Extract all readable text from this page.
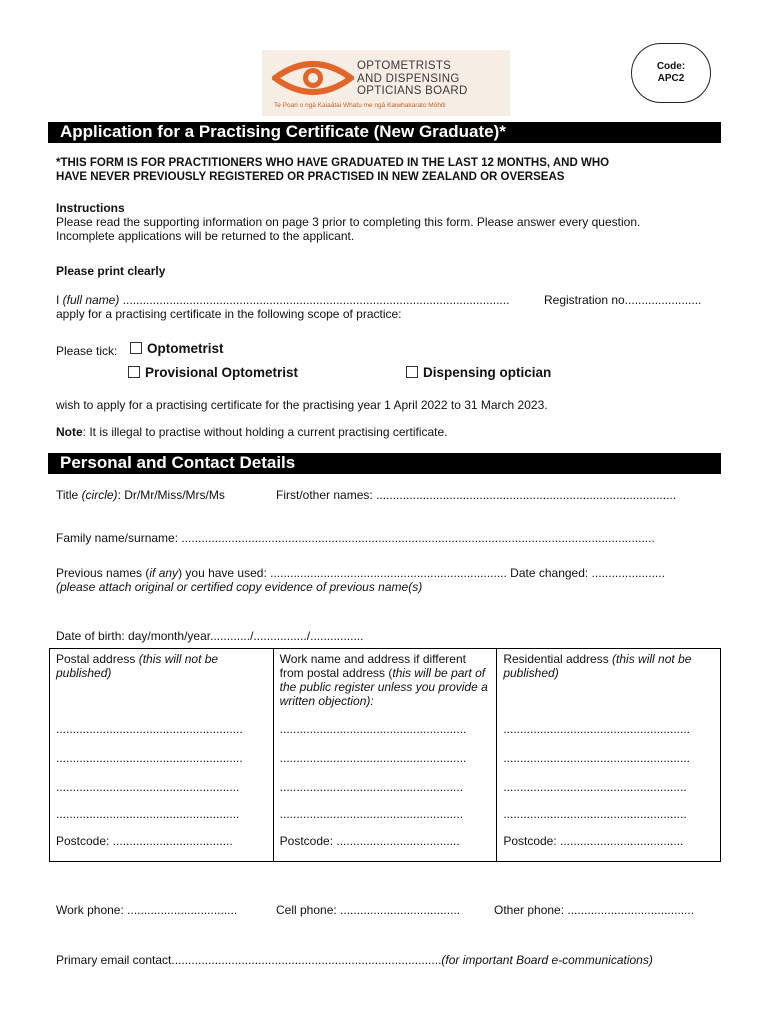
OPTOMETRISTS
AND DISPENSING
OPTICIANS BOARD
Te Poari o ngā Kaiaātai Whatu me ngā Kaiwhakarato Mōhiti
Code:
APC2
Application for a Practising Certificate (New Graduate)*
*THIS FORM IS FOR PRACTITIONERS WHO HAVE GRADUATED IN THE LAST 12 MONTHS, AND WHO
HAVE NEVER PREVIOUSLY REGISTERED OR PRACTISED IN NEW ZEALAND OR OVERSEAS
Instructions
Please read the supporting information on page 3 prior to completing this form. Please answer every question.
Incomplete applications will be returned to the applicant.
Please print clearly
I (full name) ....................................................................................................................	Registration no.......................
apply for a practising certificate in the following scope of practice:
Please tick:	Optometrist
Provisional Optometrist	Dispensing optician
wish to apply for a practising certificate for the practising year 1 April 2022 to 31 March 2023.
Note: It is illegal to practise without holding a current practising certificate.
Personal and Contact Details
Title (circle): Dr/Mr/Miss/Mrs/Ms	First/other names: ..........................................................................................
Family name/surname: ..............................................................................................................................................
Previous names (if any) you have used: ....................................................................... Date changed: ......................
(please attach original or certified copy evidence of previous name(s)
Date of birth: day/month/year............/................/................
Postal address (this will not be published)
........................................................
........................................................
.......................................................
.......................................................
Postcode: ....................................

Work name and address if different from postal address (this will be part of the public register unless you provide a written objection):
........................................................
........................................................
.......................................................
.......................................................
Postcode: .....................................

Residential address (this will not be published)
........................................................
........................................................
.......................................................
.......................................................
Postcode: .....................................
Work phone: .................................	Cell phone: ....................................	Other phone: ......................................
Primary email contact.................................................................................(for important Board e-communications)
